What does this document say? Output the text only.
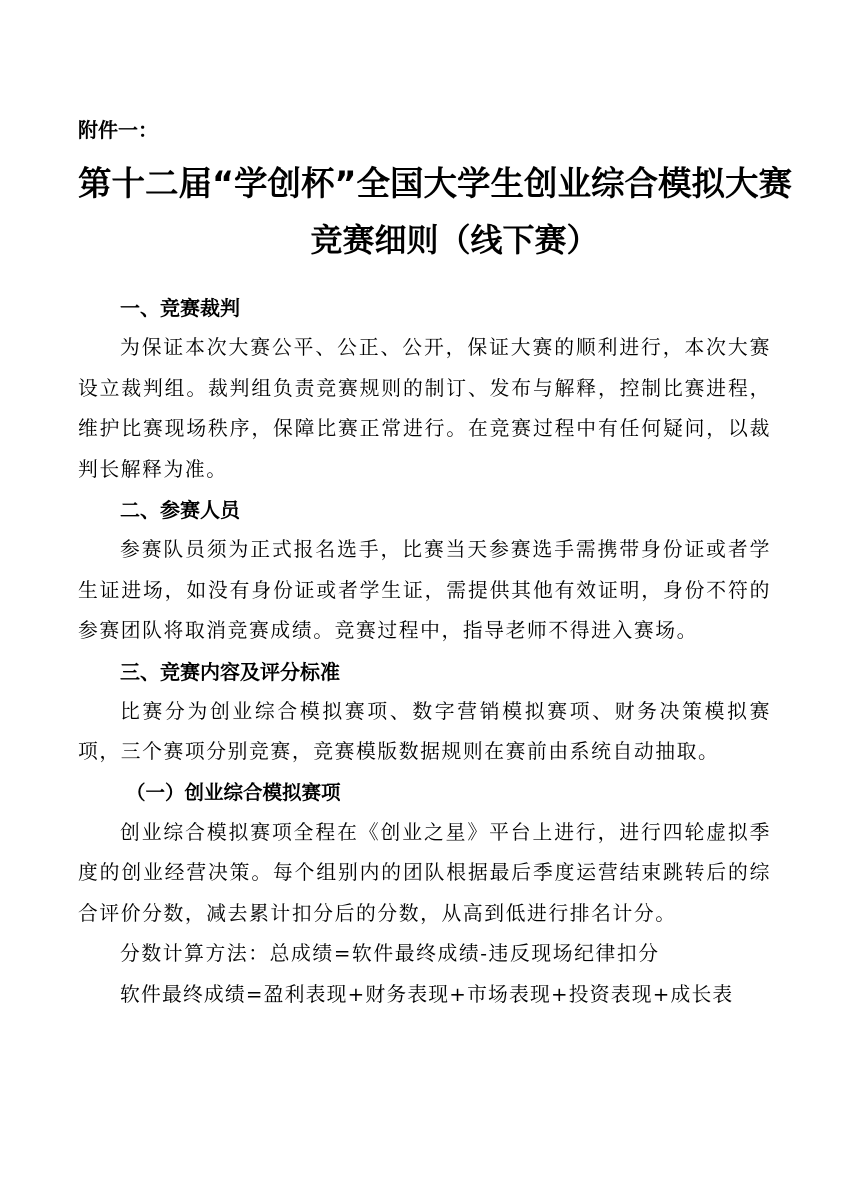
附件一：

第十二届“学创杯”全国大学生创业综合模拟大赛
竞赛细则（线下赛）
一、竞赛裁判

为保证本次大赛公平、公正、公开，保证大赛的顺利进行，本次大赛设立裁判组。裁判组负责竞赛规则的制订、发布与解释，控制比赛进程，维护比赛现场秩序，保障比赛正常进行。在竞赛过程中有任何疑问，以裁判长解释为准。

二、参赛人员

参赛队员须为正式报名选手，比赛当天参赛选手需携带身份证或者学生证进场，如没有身份证或者学生证，需提供其他有效证明，身份不符的参赛团队将取消竞赛成绩。竞赛过程中，指导老师不得进入赛场。

三、竞赛内容及评分标准

比赛分为创业综合模拟赛项、数字营销模拟赛项、财务决策模拟赛项，三个赛项分别竞赛，竞赛模版数据规则在赛前由系统自动抽取。

（一）创业综合模拟赛项

创业综合模拟赛项全程在《创业之星》平台上进行，进行四轮虚拟季度的创业经营决策。每个组别内的团队根据最后季度运营结束跳转后的综合评价分数，减去累计扣分后的分数，从高到低进行排名计分。

分数计算方法：总成绩=软件最终成绩-违反现场纪律扣分

软件最终成绩=盈利表现+财务表现+市场表现+投资表现+成长表
